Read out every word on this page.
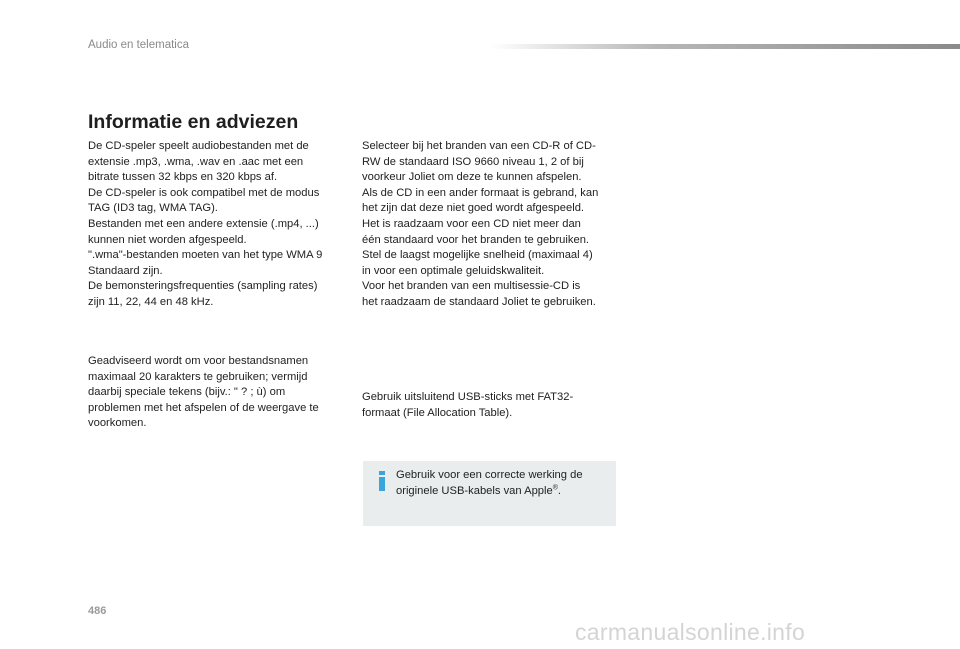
Audio en telematica
Informatie en adviezen

De CD-speler speelt audiobestanden met de
extensie .mp3, .wma, .wav en .aac met een
bitrate tussen 32 kbps en 320 kbps af.
De CD-speler is ook compatibel met de modus
TAG (ID3 tag, WMA TAG).
Bestanden met een andere extensie (.mp4, ...)
kunnen niet worden afgespeeld.
".wma"-bestanden moeten van het type WMA 9
Standaard zijn.
De bemonsteringsfrequenties (sampling rates)
zijn 11, 22, 44 en 48 kHz.

Geadviseerd wordt om voor bestandsnamen
maximaal 20 karakters te gebruiken; vermijd
daarbij speciale tekens (bijv.: " ? ; ù) om
problemen met het afspelen of de weergave te
voorkomen.

Selecteer bij het branden van een CD-R of CD-
RW de standaard ISO 9660 niveau 1, 2 of bij
voorkeur Joliet om deze te kunnen afspelen.
Als de CD in een ander formaat is gebrand, kan
het zijn dat deze niet goed wordt afgespeeld.
Het is raadzaam voor een CD niet meer dan
één standaard voor het branden te gebruiken.
Stel de laagst mogelijke snelheid (maximaal 4)
in voor een optimale geluidskwaliteit.
Voor het branden van een multisessie-CD is
het raadzaam de standaard Joliet te gebruiken.

Gebruik uitsluitend USB-sticks met FAT32-
formaat (File Allocation Table).

Gebruik voor een correcte werking de
originele USB-kabels van Apple®.
486
carmanualsonline.info
